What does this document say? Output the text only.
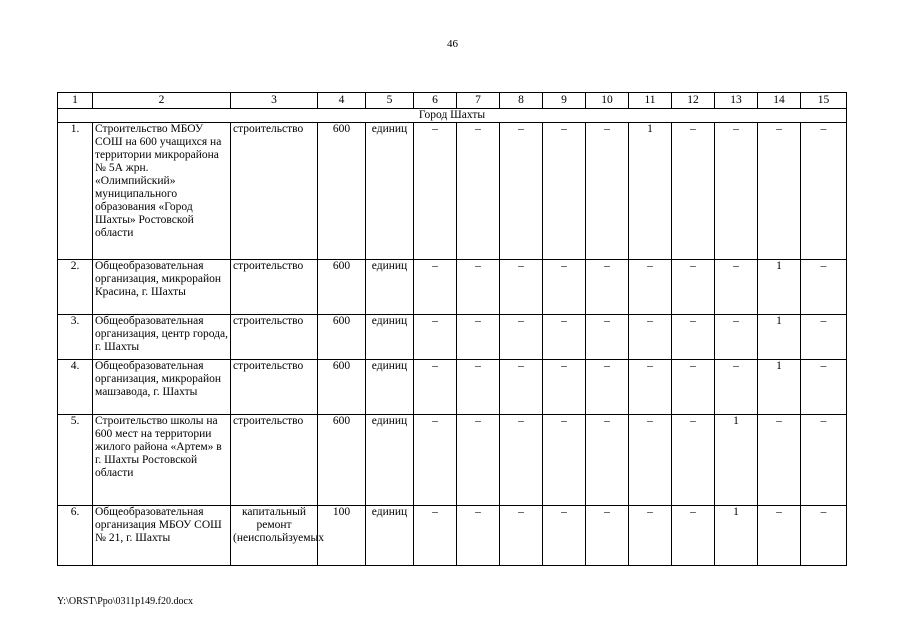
46
1	2	3	4	5	6	7	8	9	10	11	12	13	14	15
Город Шахты														
1.	Строительство МБОУ СОШ на 600 учащихся на территории микрорайона № 5А жрн. «Олимпийский» муниципального образования «Город Шахты» Ростовской области	строительство	600	единиц	–	–	–	–	–	1	–	–	–	–
2.	Общеобразовательная организация, микрорайон Красина, г. Шахты	строительство	600	единиц	–	–	–	–	–	–	–	–	1	–
3.	Общеобразовательная организация, центр города, г. Шахты	строительство	600	единиц	–	–	–	–	–	–	–	–	1	–
4.	Общеобразовательная организация, микрорайон машзавода, г. Шахты	строительство	600	единиц	–	–	–	–	–	–	–	–	1	–
5.	Строительство школы на 600 мест на территории жилого района «Артем» в г. Шахты Ростовской области	строительство	600	единиц	–	–	–	–	–	–	–	1	–	–
6.	Общеобразовательная организация МБОУ СОШ № 21, г. Шахты	капитальный ремонт (неиспольйзуемых	100	единиц	–	–	–	–	–	–	–	1	–	–
Y:\ORST\Ppo\0311p149.f20.docx
